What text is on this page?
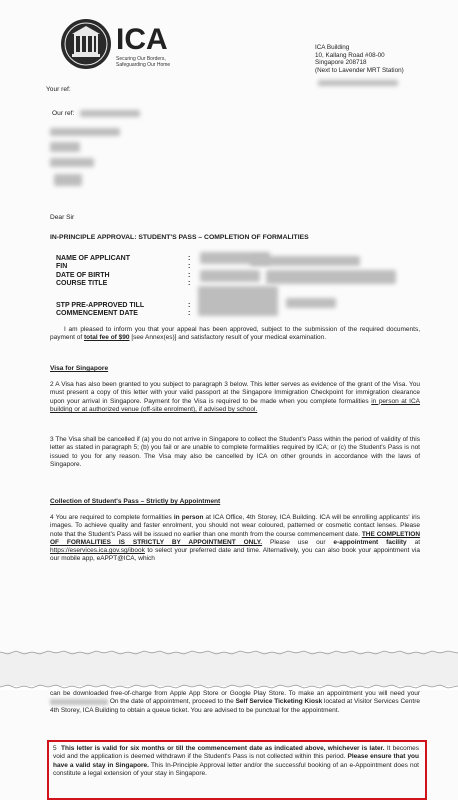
ICA
Securing Our Borders, Safeguarding Our Home
ICA Building
10, Kallang Road #08-00
Singapore 208718
(Next to Lavender MRT Station)
Your ref:
Our ref:
Dear Sir
IN-PRINCIPLE APPROVAL: STUDENT'S PASS – COMPLETION OF FORMALITIES
NAME OF APPLICANT
FIN
DATE OF BIRTH
COURSE TITLE
:
:
:
:
STP PRE-APPROVED TILL
COMMENCEMENT DATE
:
:
I am pleased to inform you that your appeal has been approved, subject to the submission of the required documents, payment of total fee of $90 [see Annex(es)] and satisfactory result of your medical examination.
Visa for Singapore
2 A Visa has also been granted to you subject to paragraph 3 below. This letter serves as evidence of the grant of the Visa. You must present a copy of this letter with your valid passport at the Singapore Immigration Checkpoint for immigration clearance upon your arrival in Singapore. Payment for the Visa is required to be made when you complete formalities in person at ICA building or at authorized venue (off-site enrolment), if advised by school.
3 The Visa shall be cancelled if (a) you do not arrive in Singapore to collect the Student's Pass within the period of validity of this letter as stated in paragraph 5; (b) you fail or are unable to complete formalities required by ICA; or (c) the Student's Pass is not issued to you for any reason. The Visa may also be cancelled by ICA on other grounds in accordance with the laws of Singapore.
Collection of Student's Pass – Strictly by Appointment
4 You are required to complete formalities in person at ICA Office, 4th Storey, ICA Building. ICA will be enrolling applicants' iris images. To achieve quality and faster enrolment, you should not wear coloured, patterned or cosmetic contact lenses. Please note that the Student's Pass will be issued no earlier than one month from the course commencement date. THE COMPLETION OF FORMALITIES IS STRICTLY BY APPOINTMENT ONLY. Please use our e-appointment facility at https://eservices.ica.gov.sg/ibook to select your preferred date and time. Alternatively, you can also book your appointment via our mobile app, eAPPT@ICA, which
can be downloaded free-of-charge from Apple App Store or Google Play Store. To make an appointment you will need your  On the date of appointment, proceed to the Self Service Ticketing Kiosk located at Visitor Services Centre 4th Storey, ICA Building to obtain a queue ticket. You are advised to be punctual for the appointment.
5 This letter is valid for six months or till the commencement date as indicated above, whichever is later. It becomes void and the application is deemed withdrawn if the Student's Pass is not collected within this period. Please ensure that you have a valid stay in Singapore. This In-Principle Approval letter and/or the successful booking of an e-Appointment does not constitute a legal extension of your stay in Singapore.
